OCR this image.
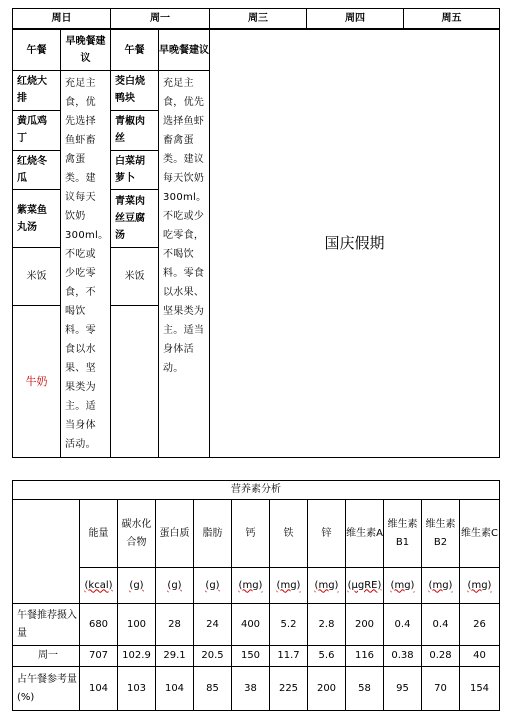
周日		周一		周三	周四	周五
午餐	早晚餐建议	午餐	早晚餐建议	国庆假期		
红烧大排	充足主食，优先选择鱼虾畜禽蛋类。建议每天饮奶300ml。不吃或少吃零食，不喝饮料。零食以水果、坚果类为主。适当身体活动。	茭白烧鸭块	充足主食，优先选择鱼虾畜禽蛋类。建议每天饮奶300ml。不吃或少吃零食，不喝饮料。零食以水果、坚果类为主。适当身体活动。			
黄瓜鸡丁		青椒肉丝				
红烧冬瓜		白菜胡萝卜				
紫菜鱼丸汤		青菜肉丝豆腐汤				
米饭		米饭				
牛奶						
营养素分析											
	能量	碳水化合物	蛋白质	脂肪	钙	铁	锌	维生素A	维生素B1	维生素B2	维生素C
	(kcal)	(g)	(g)	(g)	(mg)	(mg)	(mg)	(μgRE)	(mg)	(mg)	(mg)
午餐推荐摄入量	680	100	28	24	400	5.2	2.8	200	0.4	0.4	26
周一	707	102.9	29.1	20.5	150	11.7	5.6	116	0.38	0.28	40
占午餐参考量(%)	104	103	104	85	38	225	200	58	95	70	154
